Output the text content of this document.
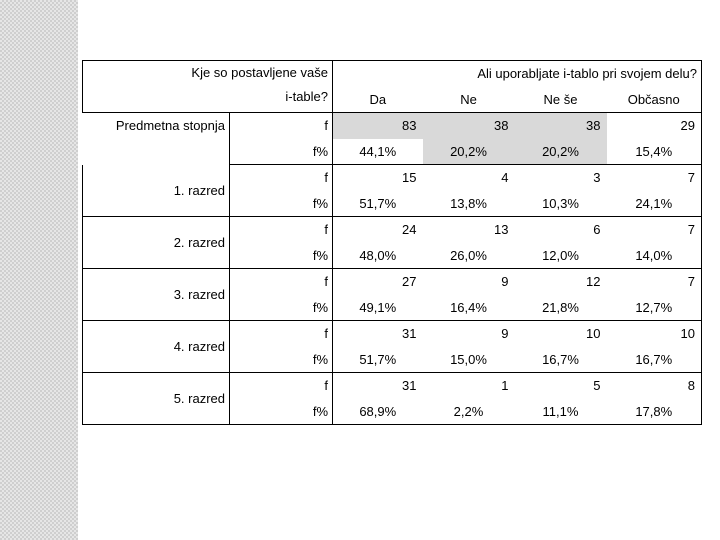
Kje so postavljene vaše
i-table?		Ali uporabljate i-tablo pri svojem delu?			
		Da	Ne	Ne še	Občasno
Predmetna stopnja	f	83	38	38	29
	f%	44,1%	20,2%	20,2%	15,4%
1. razred	f	15	4	3	7
	f%	51,7%	13,8%	10,3%	24,1%
2. razred	f	24	13	6	7
	f%	48,0%	26,0%	12,0%	14,0%
3. razred	f	27	9	12	7
	f%	49,1%	16,4%	21,8%	12,7%
4. razred	f	31	9	10	10
	f%	51,7%	15,0%	16,7%	16,7%
5. razred	f	31	1	5	8
	f%	68,9%	2,2%	11,1%	17,8%
